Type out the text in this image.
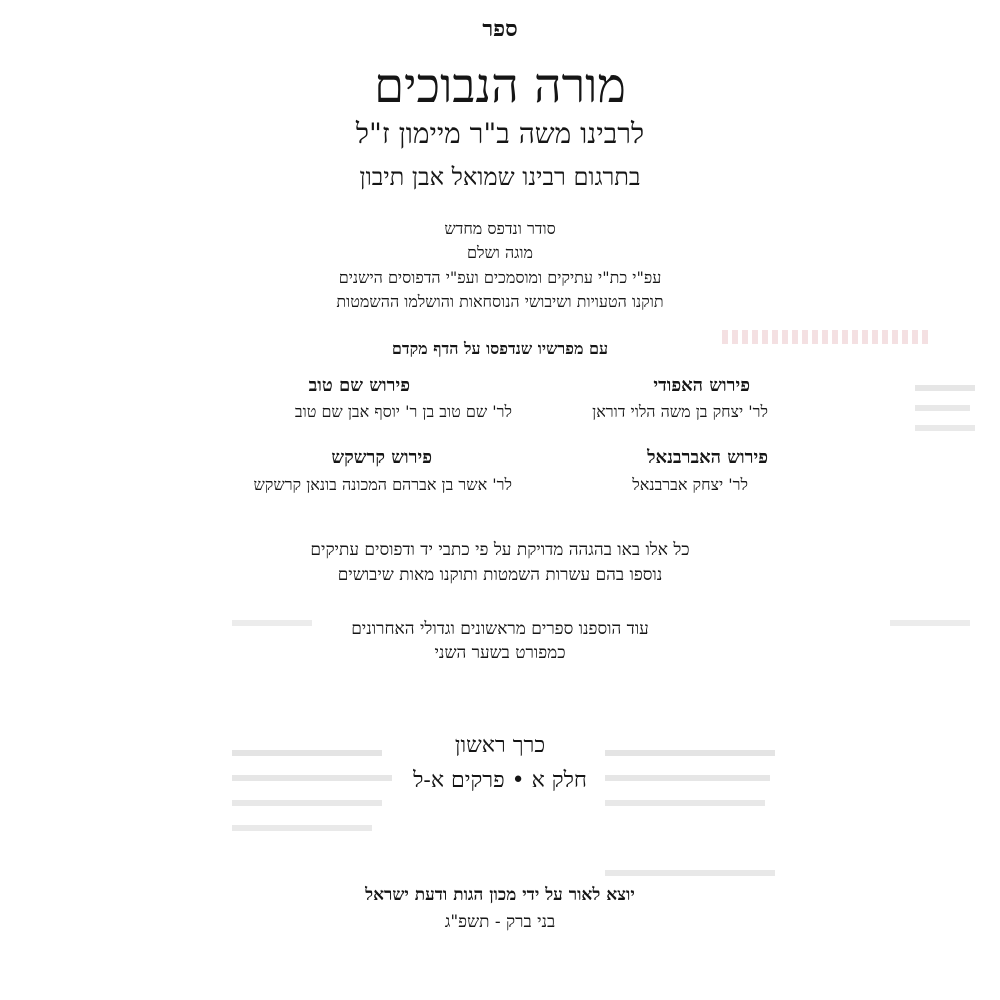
ספר
מורה הנבוכים
לרבינו משה ב"ר מיימון ז"ל
בתרגום רבינו שמואל אבן תיבון
סודר ונדפס מחדש
מוגה ושלם
עפ"י כת"י עתיקים ומוסמכים ועפ"י הדפוסים הישנים
תוקנו הטעויות ושיבושי הנוסחאות והושלמו ההשמטות
עם מפרשיו שנדפסו על הדף מקדם
פירוש האפודי
לר' יצחק בן משה הלוי דוראן
פירוש שם טוב
לר' שם טוב בן ר' יוסף אבן שם טוב
פירוש האברבנאל
לר' יצחק אברבנאל
פירוש קרשקש
לר' אשר בן אברהם המכונה בונאן קרשקש
כל אלו באו בהגהה מדויקת על פי כתבי יד ודפוסים עתיקים
נוספו בהם עשרות השמטות ותוקנו מאות שיבושים
עוד הוספנו ספרים מראשונים וגדולי האחרונים
כמפורט בשער השני
כרך ראשון
חלק א • פרקים א-ל
יוצא לאור על ידי מכון הגות ודעת ישראל
בני ברק - תשפ"ג
